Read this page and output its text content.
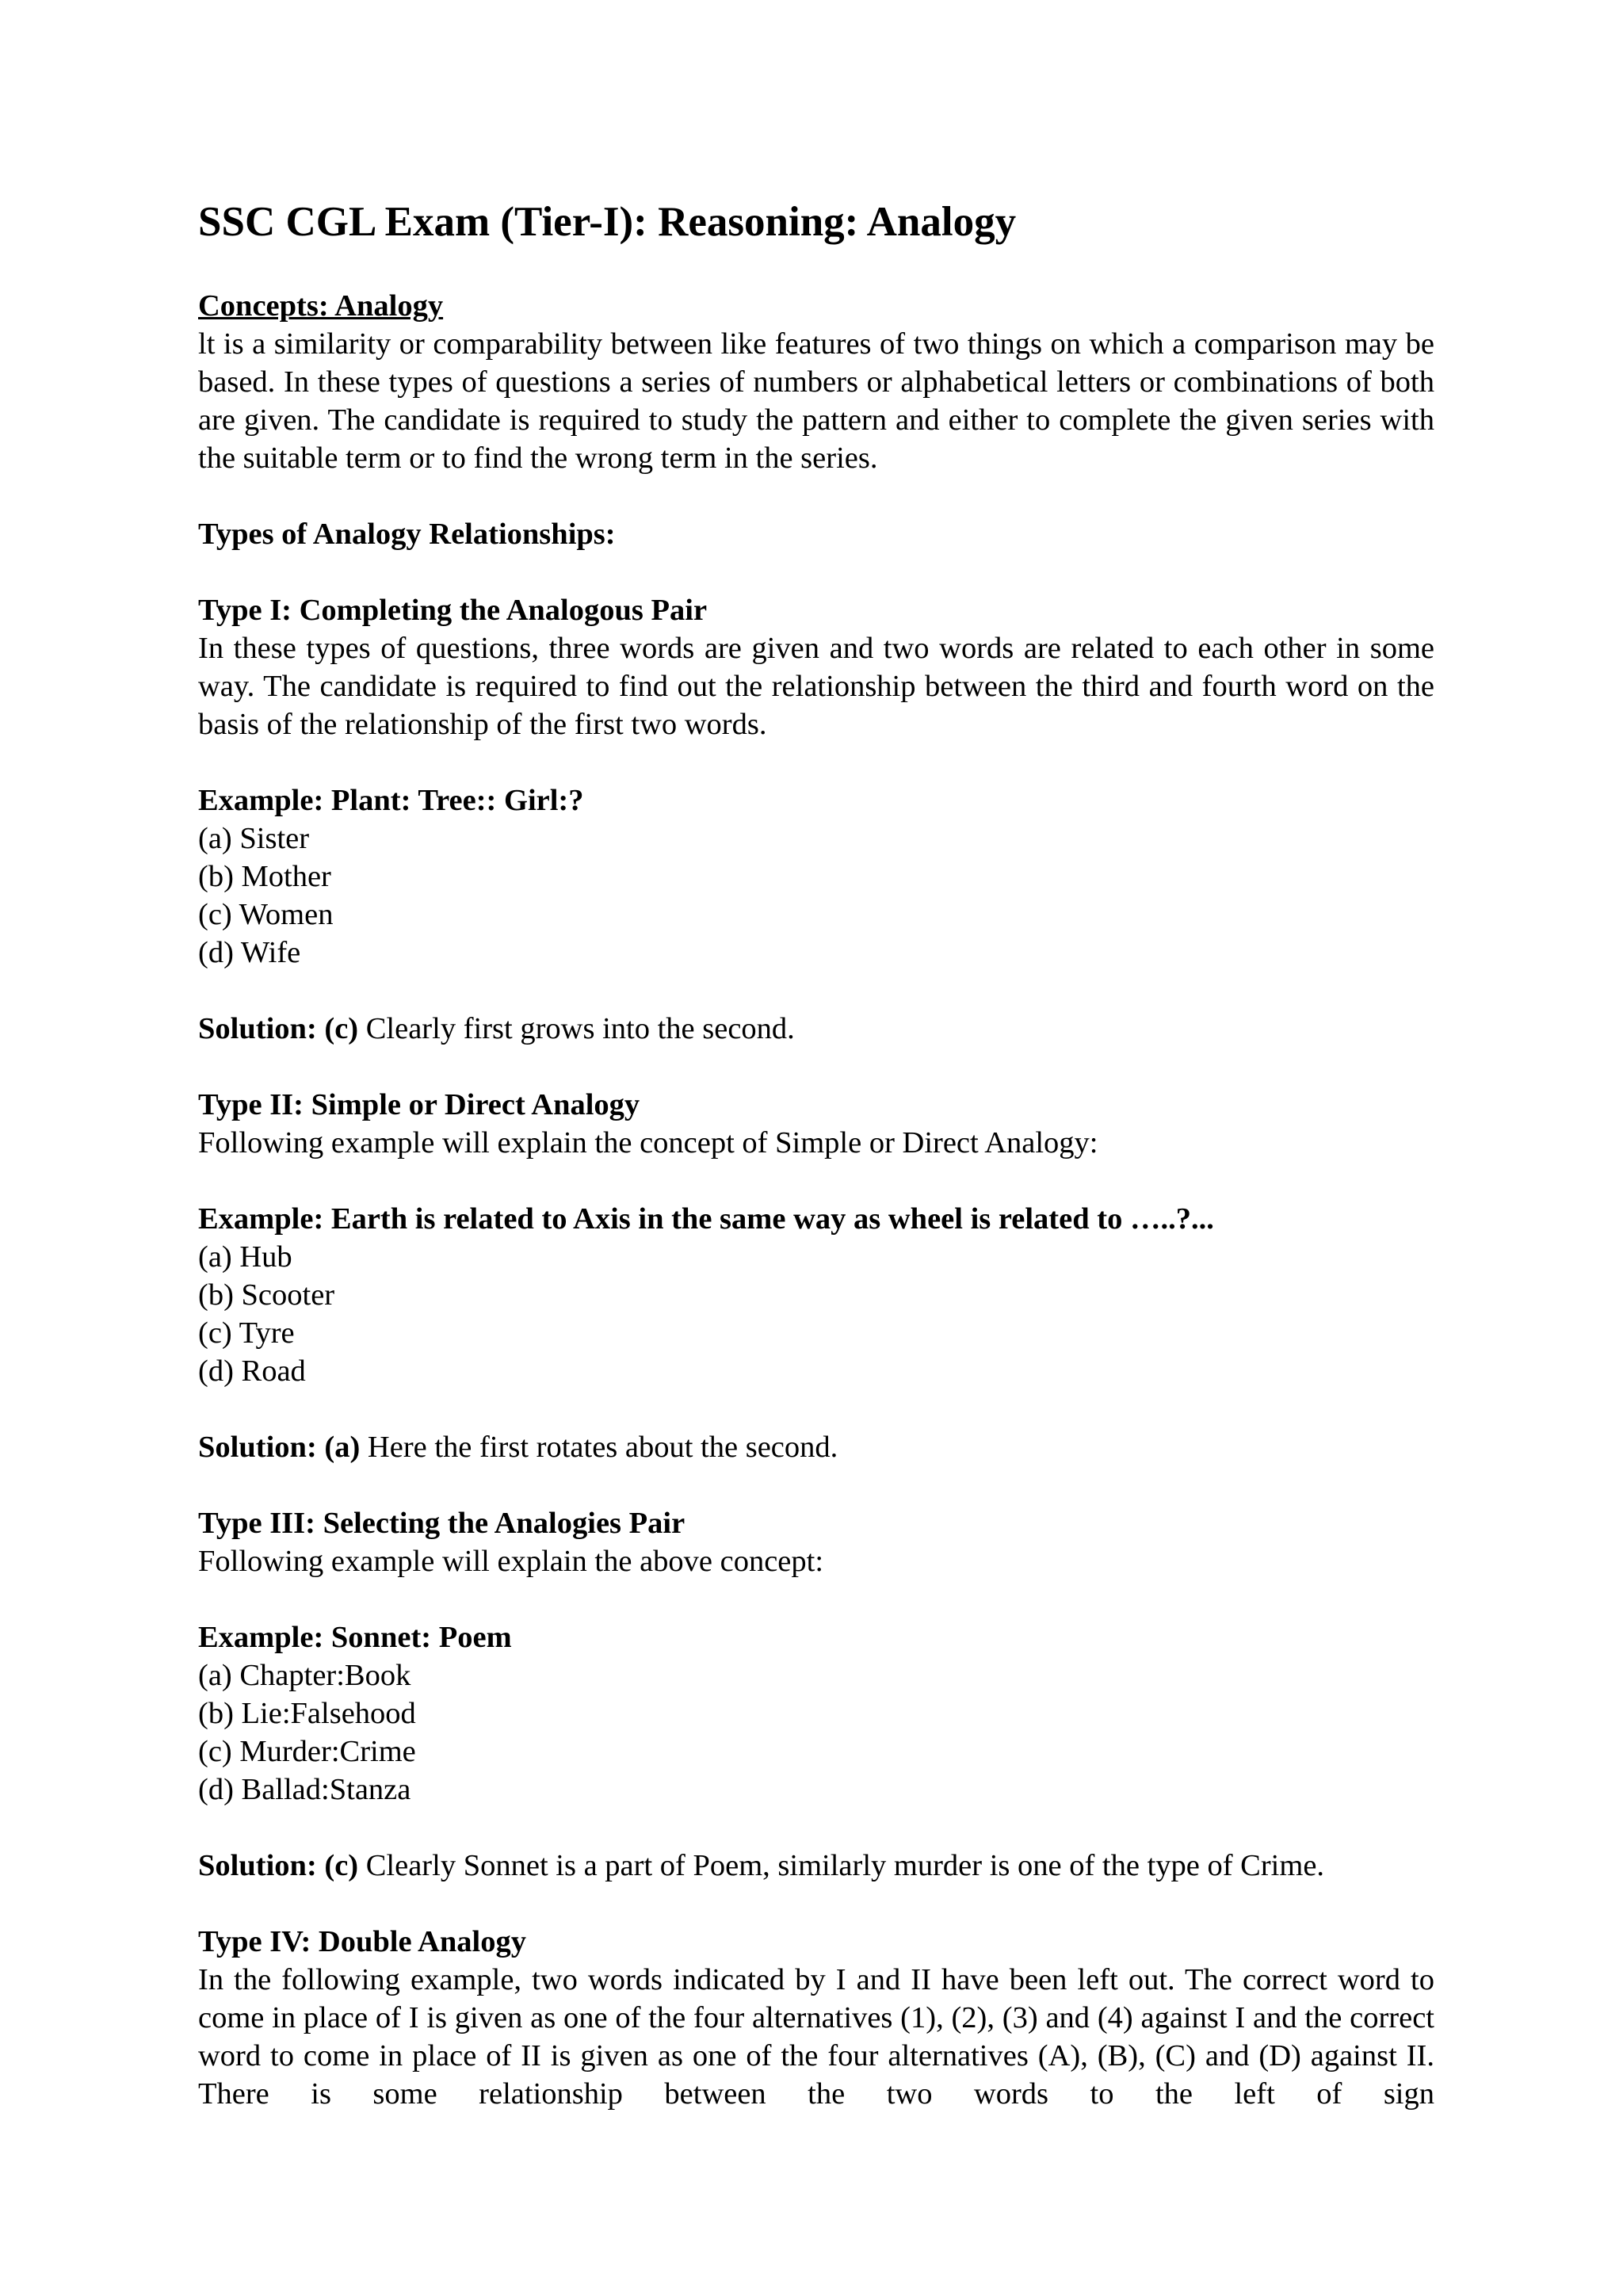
SSC CGL Exam (Tier-I): Reasoning: Analogy

Concepts: Analogy

lt is a similarity or comparability between like features of two things on which a comparison may be based. In these types of questions a series of numbers or alphabetical letters or combinations of both are given. The candidate is required to study the pattern and either to complete the given series with the suitable term or to find the wrong term in the series.

Types of Analogy Relationships:

Type I: Completing the Analogous Pair

In these types of questions, three words are given and two words are related to each other in some way. The candidate is required to find out the relationship between the third and fourth word on the basis of the relationship of the first two words.

Example: Plant: Tree:: Girl:?

(a) Sister

(b) Mother

(c) Women

(d) Wife

Solution: (c) Clearly first grows into the second.

Type II: Simple or Direct Analogy

Following example will explain the concept of Simple or Direct Analogy:

Example: Earth is related to Axis in the same way as wheel is related to …..?...

(a) Hub

(b) Scooter

(c) Tyre

(d) Road

Solution: (a) Here the first rotates about the second.

Type III: Selecting the Analogies Pair

Following example will explain the above concept:

Example: Sonnet: Poem

(a) Chapter:Book

(b) Lie:Falsehood

(c) Murder:Crime

(d) Ballad:Stanza

Solution: (c) Clearly Sonnet is a part of Poem, similarly murder is one of the type of Crime.

Type IV: Double Analogy

In the following example, two words indicated by I and II have been left out. The correct word to come in place of I is given as one of the four alternatives (1), (2), (3) and (4) against I and the correct word to come in place of II is given as one of the four alternatives (A), (B), (C) and (D) against II. There is some relationship between the two words to the left of sign
